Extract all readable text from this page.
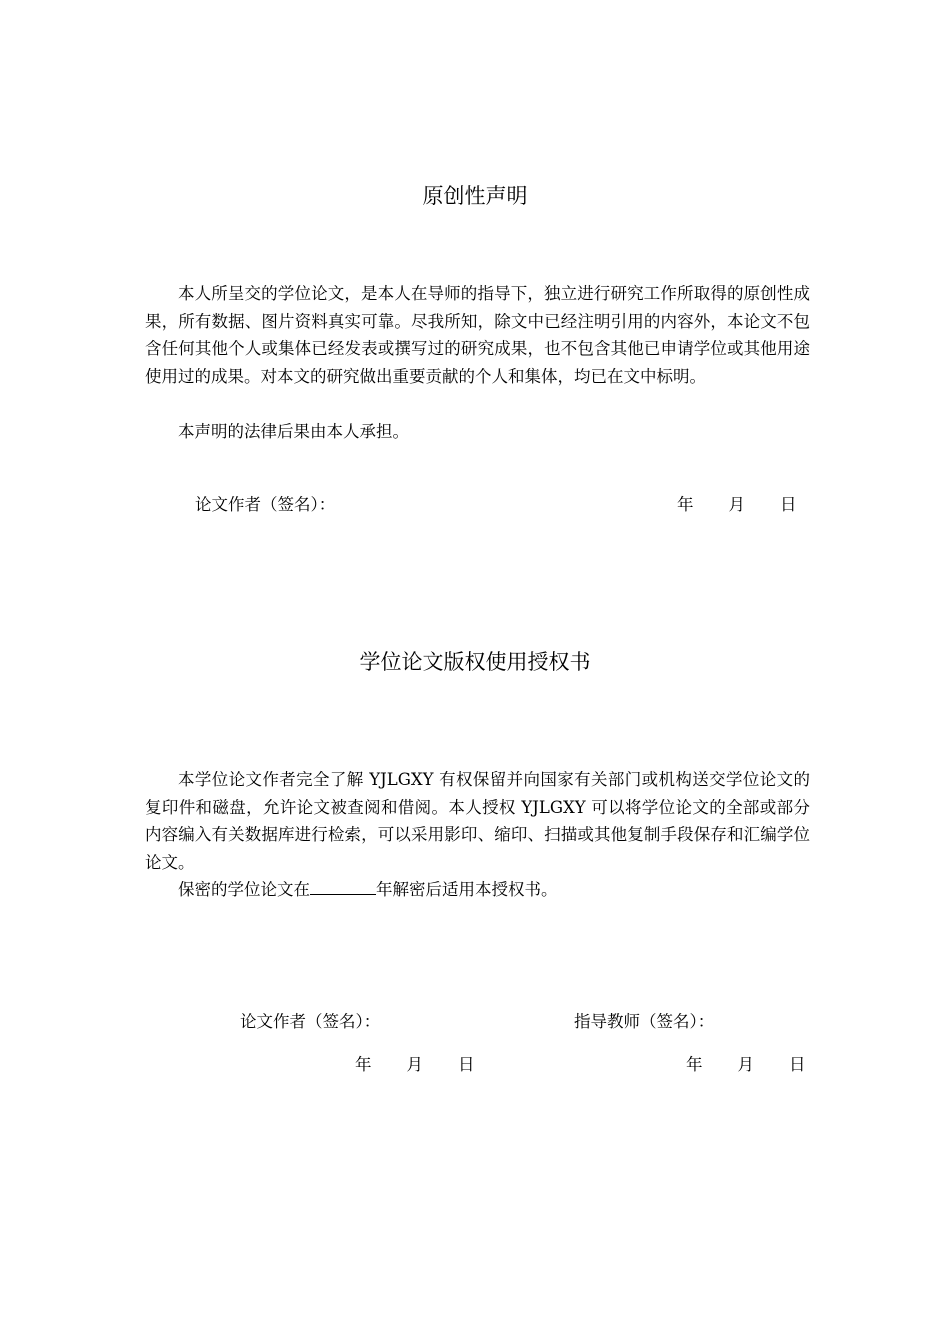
原创性声明

本人所呈交的学位论文，是本人在导师的指导下，独立进行研究工作所取得的原创性成果，所有数据、图片资料真实可靠。尽我所知，除文中已经注明引用的内容外，本论文不包含任何其他个人或集体已经发表或撰写过的研究成果，也不包含其他已申请学位或其他用途使用过的成果。对本文的研究做出重要贡献的个人和集体，均已在文中标明。

本声明的法律后果由本人承担。

论文作者（签名）：	年 月 日
学位论文版权使用授权书

本学位论文作者完全了解 YJLGXY 有权保留并向国家有关部门或机构送交学位论文的复印件和磁盘，允许论文被查阅和借阅。本人授权 YJLGXY 可以将学位论文的全部或部分内容编入有关数据库进行检索，可以采用影印、缩印、扫描或其他复制手段保存和汇编学位论文。

保密的学位论文在	年解密后适用本授权书。

论文作者（签名）：	指导教师（签名）：
年 月 日	年 月 日
